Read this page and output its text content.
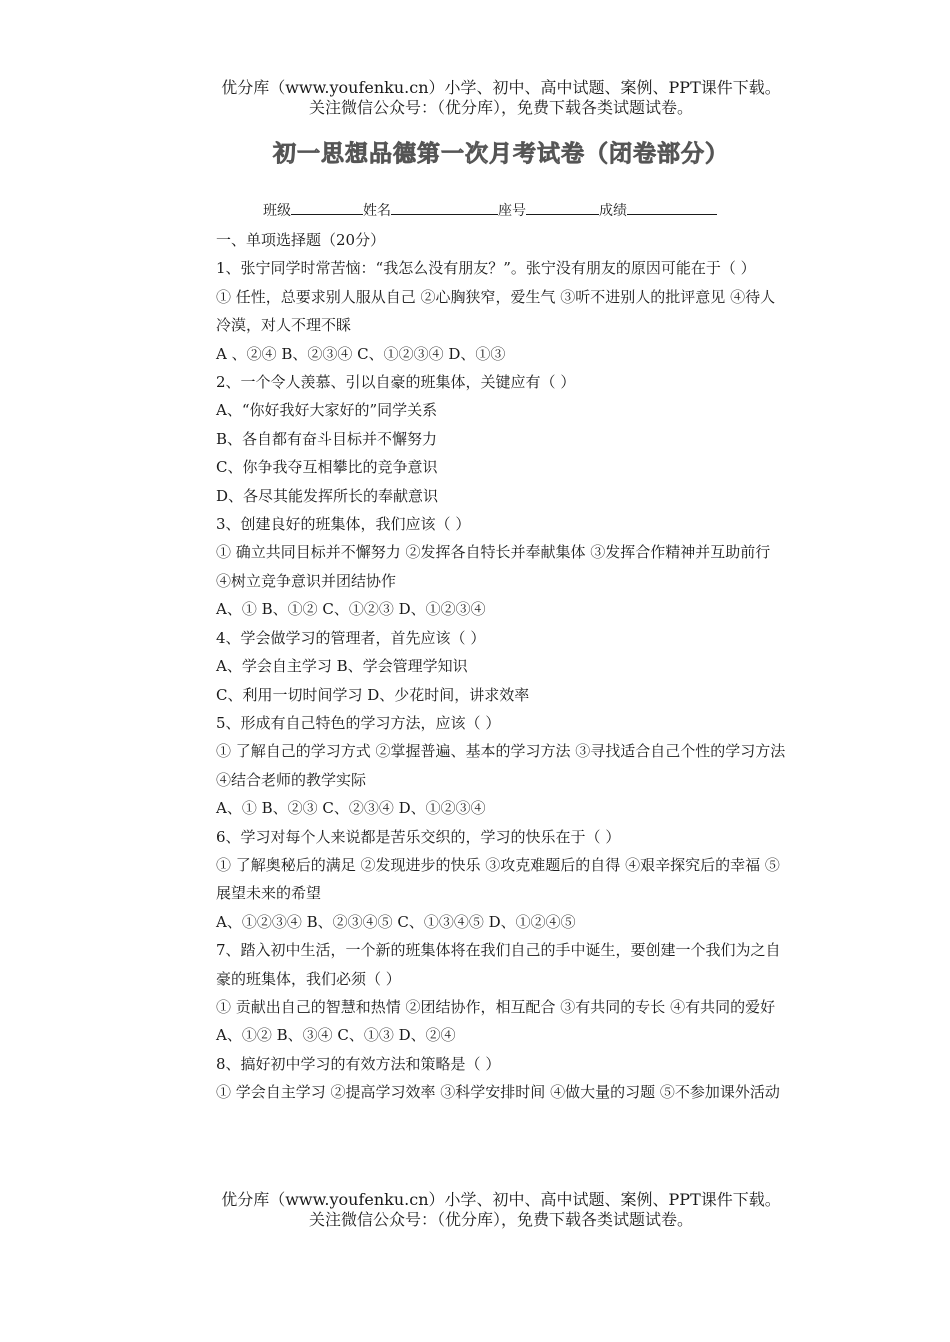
优分库（www.youfenku.cn）小学、初中、高中试题、案例、PPT课件下载。
关注微信公众号：（优分库），免费下载各类试题试卷。
初一思想品德第一次月考试卷（闭卷部分）
班级	姓名	座号	成绩

一、单项选择题（20分）

1、张宁同学时常苦恼：“我怎么没有朋友？”。张宁没有朋友的原因可能在于（ ）

① 任性，总要求别人服从自己 ②心胸狭窄，爱生气 ③听不进别人的批评意见 ④待人冷漠，对人不理不睬

A 、②④ B、②③④ C、①②③④ D、①③

2、一个令人羡慕、引以自豪的班集体，关键应有（ ）

A、“你好我好大家好的”同学关系

B、各自都有奋斗目标并不懈努力

C、你争我夺互相攀比的竞争意识

D、各尽其能发挥所长的奉献意识

3、创建良好的班集体，我们应该（ ）

① 确立共同目标并不懈努力 ②发挥各自特长并奉献集体 ③发挥合作精神并互助前行 ④树立竞争意识并团结协作

A、① B、①② C、①②③ D、①②③④

4、学会做学习的管理者，首先应该（ ）

A、学会自主学习 B、学会管理学知识

C、利用一切时间学习 D、少花时间，讲求效率

5、形成有自己特色的学习方法，应该（ ）

① 了解自己的学习方式 ②掌握普遍、基本的学习方法 ③寻找适合自己个性的学习方法 ④结合老师的教学实际

A、① B、②③ C、②③④ D、①②③④

6、学习对每个人来说都是苦乐交织的，学习的快乐在于（ ）

① 了解奥秘后的满足 ②发现进步的快乐 ③攻克难题后的自得 ④艰辛探究后的幸福 ⑤展望未来的希望

A、①②③④ B、②③④⑤ C、①③④⑤ D、①②④⑤

7、踏入初中生活，一个新的班集体将在我们自己的手中诞生，要创建一个我们为之自豪的班集体，我们必须（ ）

① 贡献出自己的智慧和热情 ②团结协作，相互配合 ③有共同的专长 ④有共同的爱好

A、①② B、③④ C、①③ D、②④

8、搞好初中学习的有效方法和策略是（ ）

① 学会自主学习 ②提高学习效率 ③科学安排时间 ④做大量的习题 ⑤不参加课外活动

优分库（www.youfenku.cn）小学、初中、高中试题、案例、PPT课件下载。
关注微信公众号：（优分库），免费下载各类试题试卷。
